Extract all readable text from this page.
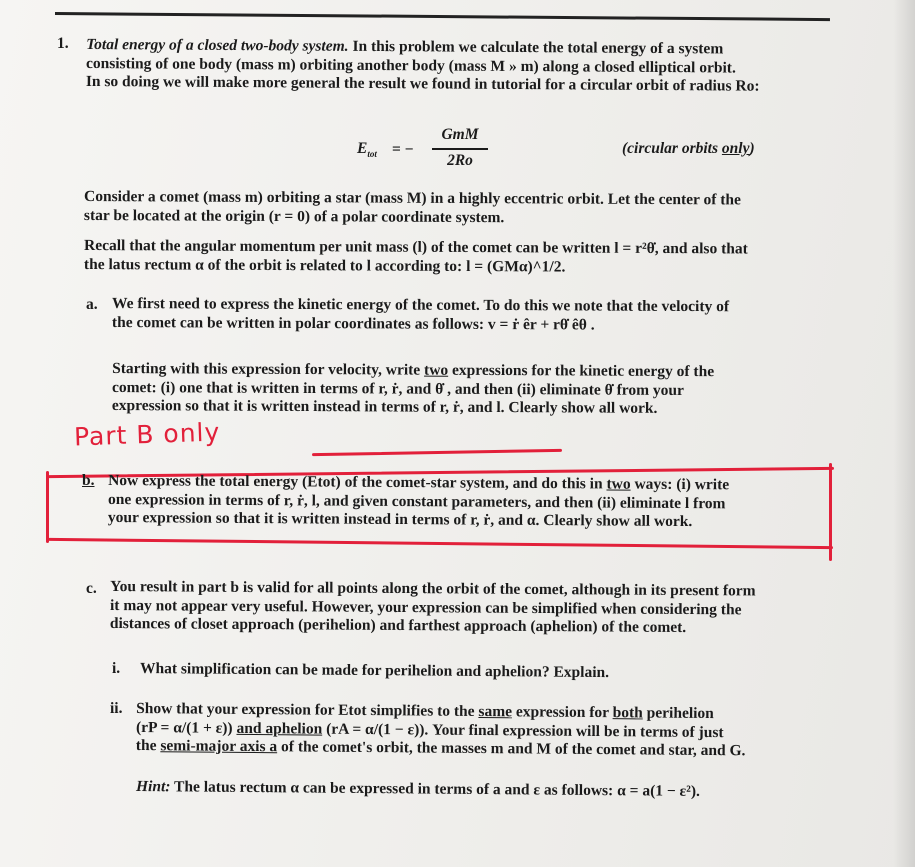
1. Total energy of a closed two-body system. In this problem we calculate the total energy of a system
consisting of one body (mass m) orbiting another body (mass M » m) along a closed elliptical orbit.
In so doing we will make more general the result we found in tutorial for a circular orbit of radius Ro:
$E_{tot}$ = −
GmM
2Ro
(circular orbits only)
Consider a comet (mass m) orbiting a star (mass M) in a highly eccentric orbit. Let the center of the
star be located at the origin (r = 0) of a polar coordinate system.
Recall that the angular momentum per unit mass (l) of the comet can be written l = r²θ̇, and also that
the latus rectum α of the orbit is related to l according to: l = (GMα)^1/2.
a. We first need to express the kinetic energy of the comet. To do this we note that the velocity of
the comet can be written in polar coordinates as follows: v = ṙ êr + rθ̇ êθ .
Starting with this expression for velocity, write two expressions for the kinetic energy of the
comet: (i) one that is written in terms of r, ṙ, and θ̇ , and then (ii) eliminate θ̇ from your
expression so that it is written instead in terms of r, ṙ, and l. Clearly show all work.
Part B only
b. Now express the total energy (Etot) of the comet-star system, and do this in two ways: (i) write
one expression in terms of r, ṙ, l, and given constant parameters, and then (ii) eliminate l from
your expression so that it is written instead in terms of r, ṙ, and α. Clearly show all work.
c. You result in part b is valid for all points along the orbit of the comet, although in its present form
it may not appear very useful. However, your expression can be simplified when considering the
distances of closet approach (perihelion) and farthest approach (aphelion) of the comet.
i. What simplification can be made for perihelion and aphelion? Explain.
ii. Show that your expression for Etot simplifies to the same expression for both perihelion
(rP = α/(1 + ε)) and aphelion (rA = α/(1 − ε)). Your final expression will be in terms of just
the semi-major axis a of the comet's orbit, the masses m and M of the comet and star, and G.
Hint: The latus rectum α can be expressed in terms of a and ε as follows: α = a(1 − ε²).
